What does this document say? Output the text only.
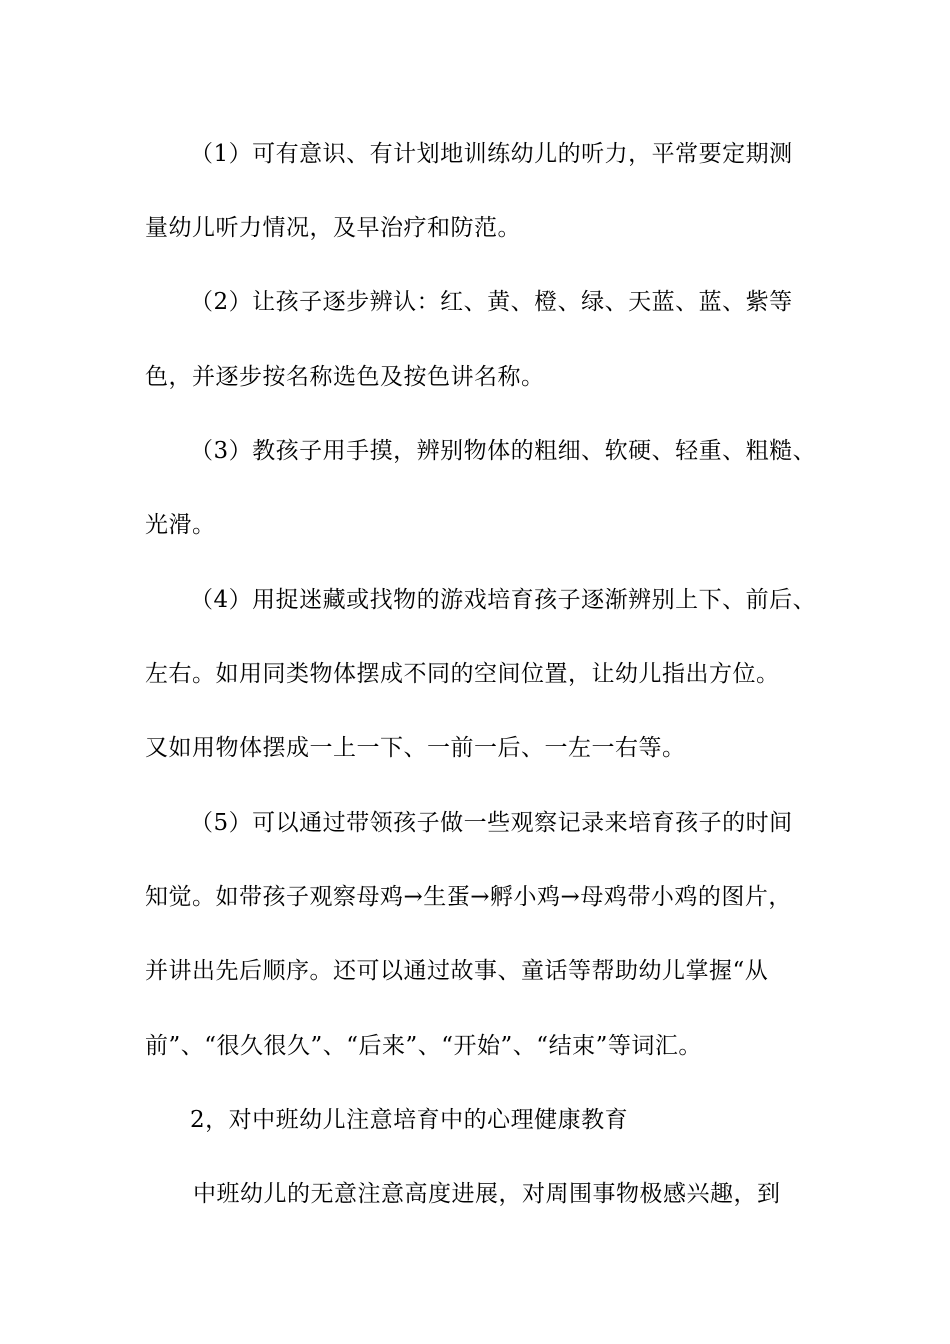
（1）可有意识、有计划地训练幼儿的听力，平常要定期测
量幼儿听力情况，及早治疗和防范。
（2）让孩子逐步辨认：红、黄、橙、绿、天蓝、蓝、紫等
色，并逐步按名称选色及按色讲名称。
（3）教孩子用手摸，辨别物体的粗细、软硬、轻重、粗糙、
光滑。
（4）用捉迷藏或找物的游戏培育孩子逐渐辨别上下、前后、
左右。如用同类物体摆成不同的空间位置，让幼儿指出方位。
又如用物体摆成一上一下、一前一后、一左一右等。
（5）可以通过带领孩子做一些观察记录来培育孩子的时间
知觉。如带孩子观察母鸡→生蛋→孵小鸡→母鸡带小鸡的图片，
并讲出先后顺序。还可以通过故事、童话等帮助幼儿掌握“从
前”、“很久很久”、“后来”、“开始”、“结束”等词汇。
2，对中班幼儿注意培育中的心理健康教育
中班幼儿的无意注意高度进展，对周围事物极感兴趣，到
